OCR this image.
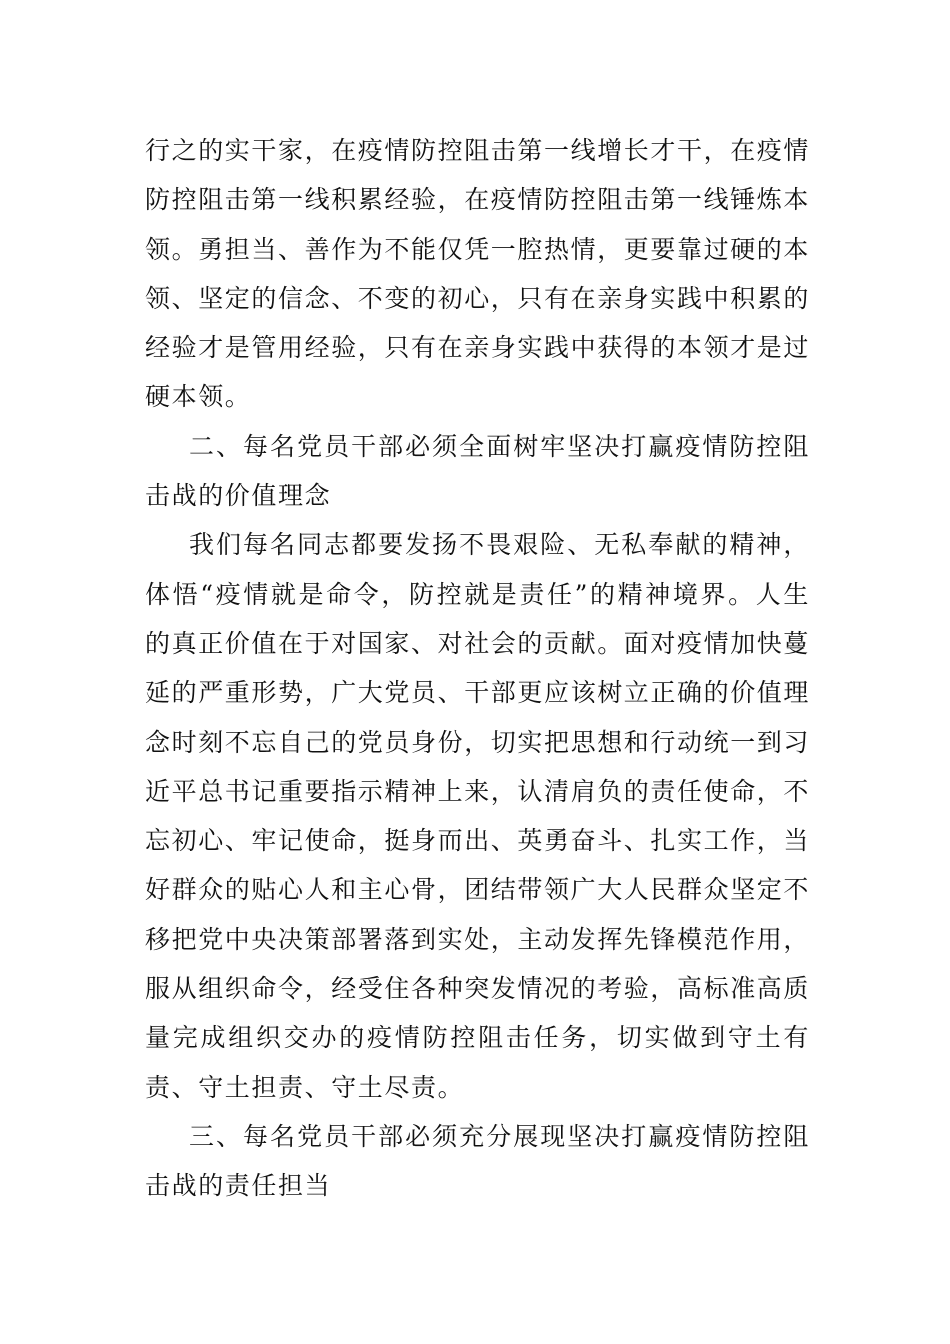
行之的实干家，在疫情防控阻击第一线增长才干，在疫情防控阻击第一线积累经验，在疫情防控阻击第一线锤炼本领。勇担当、善作为不能仅凭一腔热情，更要靠过硬的本领、坚定的信念、不变的初心，只有在亲身实践中积累的经验才是管用经验，只有在亲身实践中获得的本领才是过硬本领。

二、每名党员干部必须全面树牢坚决打赢疫情防控阻击战的价值理念

我们每名同志都要发扬不畏艰险、无私奉献的精神，体悟“疫情就是命令，防控就是责任”的精神境界。人生的真正价值在于对国家、对社会的贡献。面对疫情加快蔓延的严重形势，广大党员、干部更应该树立正确的价值理念时刻不忘自己的党员身份，切实把思想和行动统一到习近平总书记重要指示精神上来，认清肩负的责任使命，不忘初心、牢记使命，挺身而出、英勇奋斗、扎实工作，当好群众的贴心人和主心骨，团结带领广大人民群众坚定不移把党中央决策部署落到实处，主动发挥先锋模范作用，服从组织命令，经受住各种突发情况的考验，高标准高质量完成组织交办的疫情防控阻击任务，切实做到守土有责、守土担责、守土尽责。

三、每名党员干部必须充分展现坚决打赢疫情防控阻击战的责任担当
